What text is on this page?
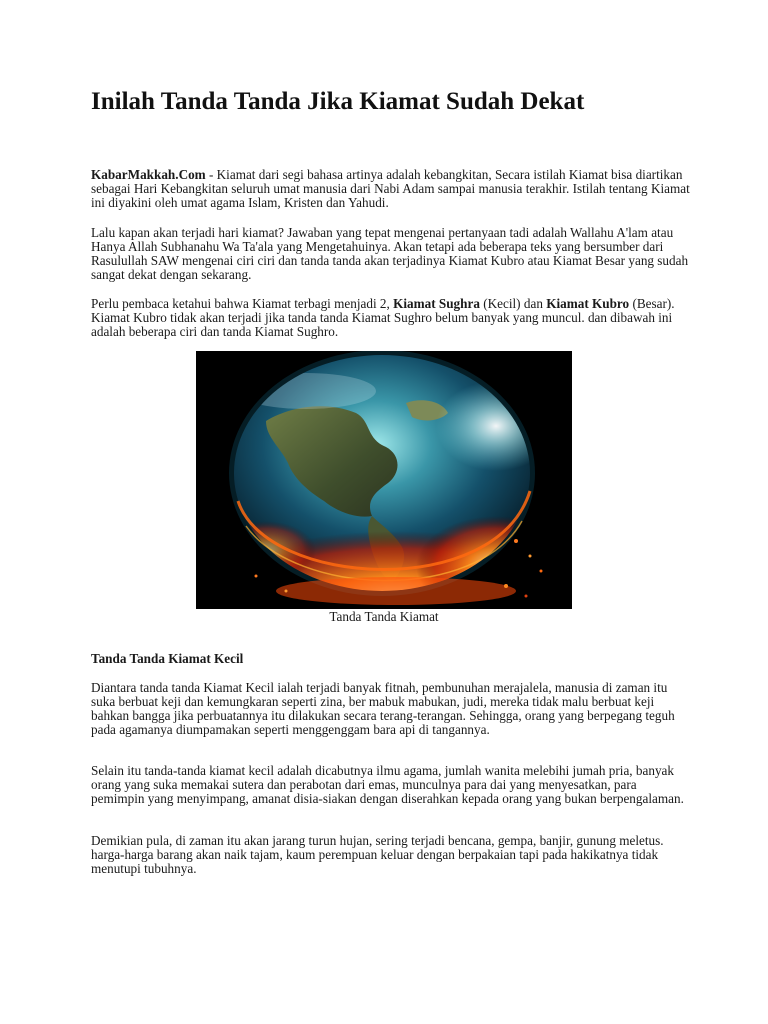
Inilah Tanda Tanda Jika Kiamat Sudah Dekat

KabarMakkah.Com - Kiamat dari segi bahasa artinya adalah kebangkitan, Secara istilah Kiamat bisa diartikan sebagai Hari Kebangkitan seluruh umat manusia dari Nabi Adam sampai manusia terakhir. Istilah tentang Kiamat ini diyakini oleh umat agama Islam, Kristen dan Yahudi.

Lalu kapan akan terjadi hari kiamat? Jawaban yang tepat mengenai pertanyaan tadi adalah Wallahu A'lam atau Hanya Allah Subhanahu Wa Ta'ala yang Mengetahuinya. Akan tetapi ada beberapa teks yang bersumber dari Rasulullah SAW mengenai ciri ciri dan tanda tanda akan terjadinya Kiamat Kubro atau Kiamat Besar yang sudah sangat dekat dengan sekarang.

Perlu pembaca ketahui bahwa Kiamat terbagi menjadi 2, Kiamat Sughra (Kecil) dan Kiamat Kubro (Besar). Kiamat Kubro tidak akan terjadi jika tanda tanda Kiamat Sughro belum banyak yang muncul. dan dibawah ini adalah beberapa ciri dan tanda Kiamat Sughro.

Tanda Tanda Kiamat
Tanda Tanda Kiamat Kecil

Diantara tanda tanda Kiamat Kecil ialah terjadi banyak fitnah, pembunuhan merajalela, manusia di zaman itu suka berbuat keji dan kemungkaran seperti zina, ber mabuk mabukan, judi, mereka tidak malu berbuat keji bahkan bangga jika perbuatannya itu dilakukan secara terang-terangan. Sehingga, orang yang berpegang teguh pada agamanya diumpamakan seperti menggenggam bara api di tangannya.

Selain itu tanda-tanda kiamat kecil adalah dicabutnya ilmu agama, jumlah wanita melebihi jumah pria, banyak orang yang suka memakai sutera dan perabotan dari emas, munculnya para dai yang menyesatkan, para pemimpin yang menyimpang, amanat disia-siakan dengan diserahkan kepada orang yang bukan berpengalaman.

Demikian pula, di zaman itu akan jarang turun hujan, sering terjadi bencana, gempa, banjir, gunung meletus. harga-harga barang akan naik tajam, kaum perempuan keluar dengan berpakaian tapi pada hakikatnya tidak menutupi tubuhnya.
